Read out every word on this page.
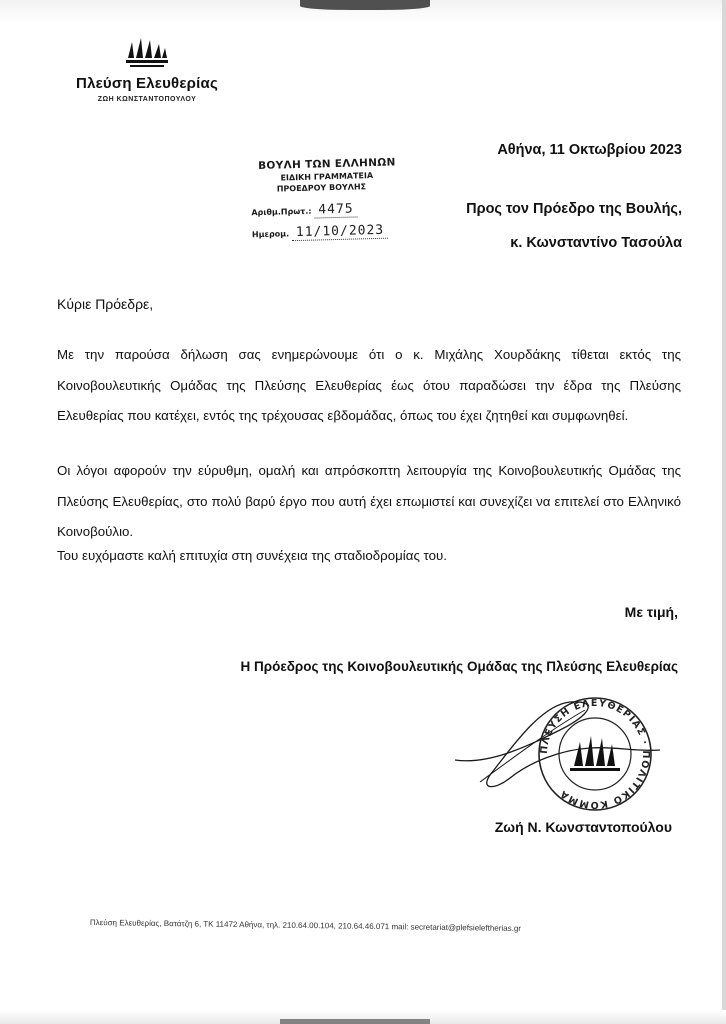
Πλεύση Ελευθερίας
ΖΩΗ ΚΩΝΣΤΑΝΤΟΠΟΥΛΟΥ
ΒΟΥΛΗ ΤΩΝ ΕΛΛΗΝΩΝ
ΕΙΔΙΚΗ ΓΡΑΜΜΑΤΕΙΑ
ΠΡΟΕΔΡΟΥ ΒΟΥΛΗΣ
Αριθμ.Πρωτ.: 4475
Ημερομ. 11/10/2023
Αθήνα, 11 Οκτωβρίου 2023
Προς τον Πρόεδρο της Βουλής,
κ. Κωνσταντίνο Τασούλα
Κύριε Πρόεδρε,
Με την παρούσα δήλωση σας ενημερώνουμε ότι ο κ. Μιχάλης Χουρδάκης τίθεται εκτός της Κοινοβουλευτικής Ομάδας της Πλεύσης Ελευθερίας έως ότου παραδώσει την έδρα της Πλεύσης Ελευθερίας που κατέχει, εντός της τρέχουσας εβδομάδας, όπως του έχει ζητηθεί και συμφωνηθεί.
Οι λόγοι αφορούν την εύρυθμη, ομαλή και απρόσκοπτη λειτουργία της Κοινοβουλευτικής Ομάδας της Πλεύσης Ελευθερίας, στο πολύ βαρύ έργο που αυτή έχει επωμιστεί και συνεχίζει να επιτελεί στο Ελληνικό Κοινοβούλιο.
Του ευχόμαστε καλή επιτυχία στη συνέχεια της σταδιοδρομίας του.
Με τιμή,
Η Πρόεδρος της Κοινοβουλευτικής Ομάδας της Πλεύσης Ελευθερίας
ΠΛΕΥΣΗ ΕΛΕΥΘΕΡΙΑΣ · ΠΟΛΙΤΙΚΟ ΚΟΜΜΑ
Ζωή Ν. Κωνσταντοπούλου
Πλεύση Ελευθερίας, Βατάτζη 6, ΤΚ 11472 Αθήνα, τηλ. 210.64.00.104, 210.64.46.071 mail: secretariat@plefsieleftherias.gr
